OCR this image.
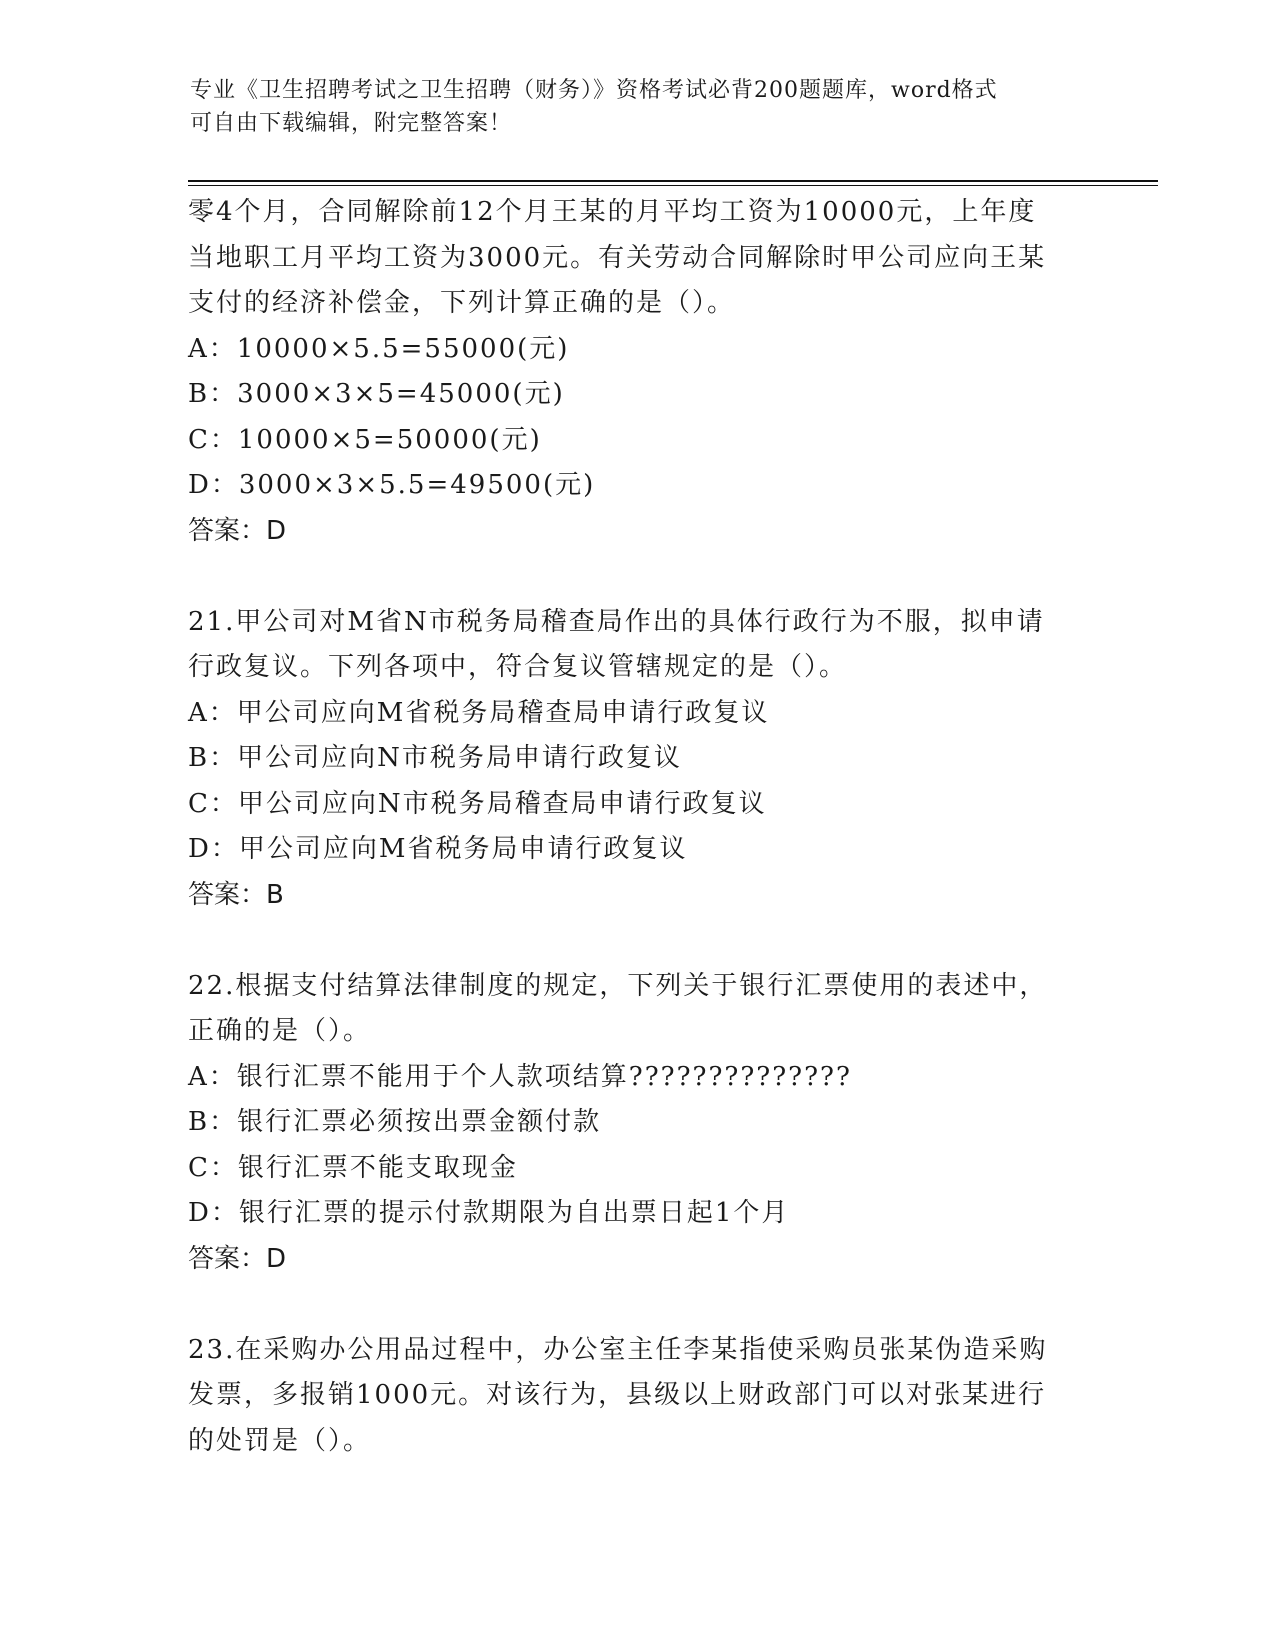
专业《卫生招聘考试之卫生招聘（财务）》资格考试必背200题题库，word格式
可自由下载编辑，附完整答案！
零4个月，合同解除前12个月王某的月平均工资为10000元，上年度
当地职工月平均工资为3000元。有关劳动合同解除时甲公司应向王某
支付的经济补偿金，下列计算正确的是（）。
A：10000×5.5=55000(元)
B：3000×3×5=45000(元)
C：10000×5=50000(元)
D：3000×3×5.5=49500(元)
答案：D
21.甲公司对M省N市税务局稽查局作出的具体行政行为不服，拟申请
行政复议。下列各项中，符合复议管辖规定的是（）。
A：甲公司应向M省税务局稽查局申请行政复议
B：甲公司应向N市税务局申请行政复议
C：甲公司应向N市税务局稽查局申请行政复议
D：甲公司应向M省税务局申请行政复议
答案：B
22.根据支付结算法律制度的规定，下列关于银行汇票使用的表述中，
正确的是（）。
A：银行汇票不能用于个人款项结算??????????????
B：银行汇票必须按出票金额付款
C：银行汇票不能支取现金
D：银行汇票的提示付款期限为自出票日起1个月
答案：D
23.在采购办公用品过程中，办公室主任李某指使采购员张某伪造采购
发票，多报销1000元。对该行为，县级以上财政部门可以对张某进行
的处罚是（）。
